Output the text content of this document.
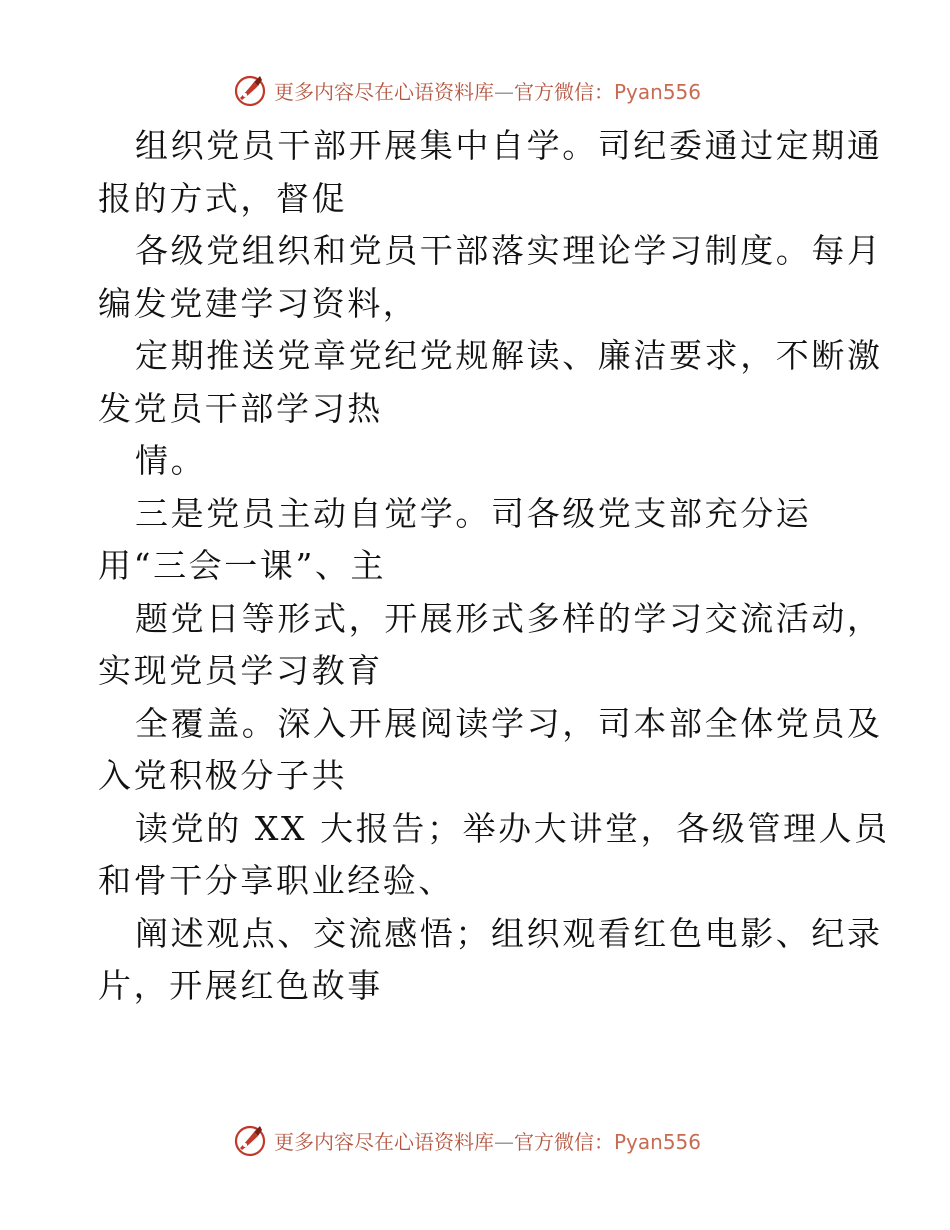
更多内容尽在心语资料库—官方微信：Pyan556
组织党员干部开展集中自学。司纪委通过定期通
报的方式，督促
各级党组织和党员干部落实理论学习制度。每月
编发党建学习资料，
定期推送党章党纪党规解读、廉洁要求，不断激
发党员干部学习热
情。
三是党员主动自觉学。司各级党支部充分运
用“三会一课”、主
题党日等形式，开展形式多样的学习交流活动，
实现党员学习教育
全覆盖。深入开展阅读学习，司本部全体党员及
入党积极分子共
读党的 XX 大报告；举办大讲堂，各级管理人员
和骨干分享职业经验、
阐述观点、交流感悟；组织观看红色电影、纪录
片，开展红色故事
更多内容尽在心语资料库—官方微信：Pyan556
